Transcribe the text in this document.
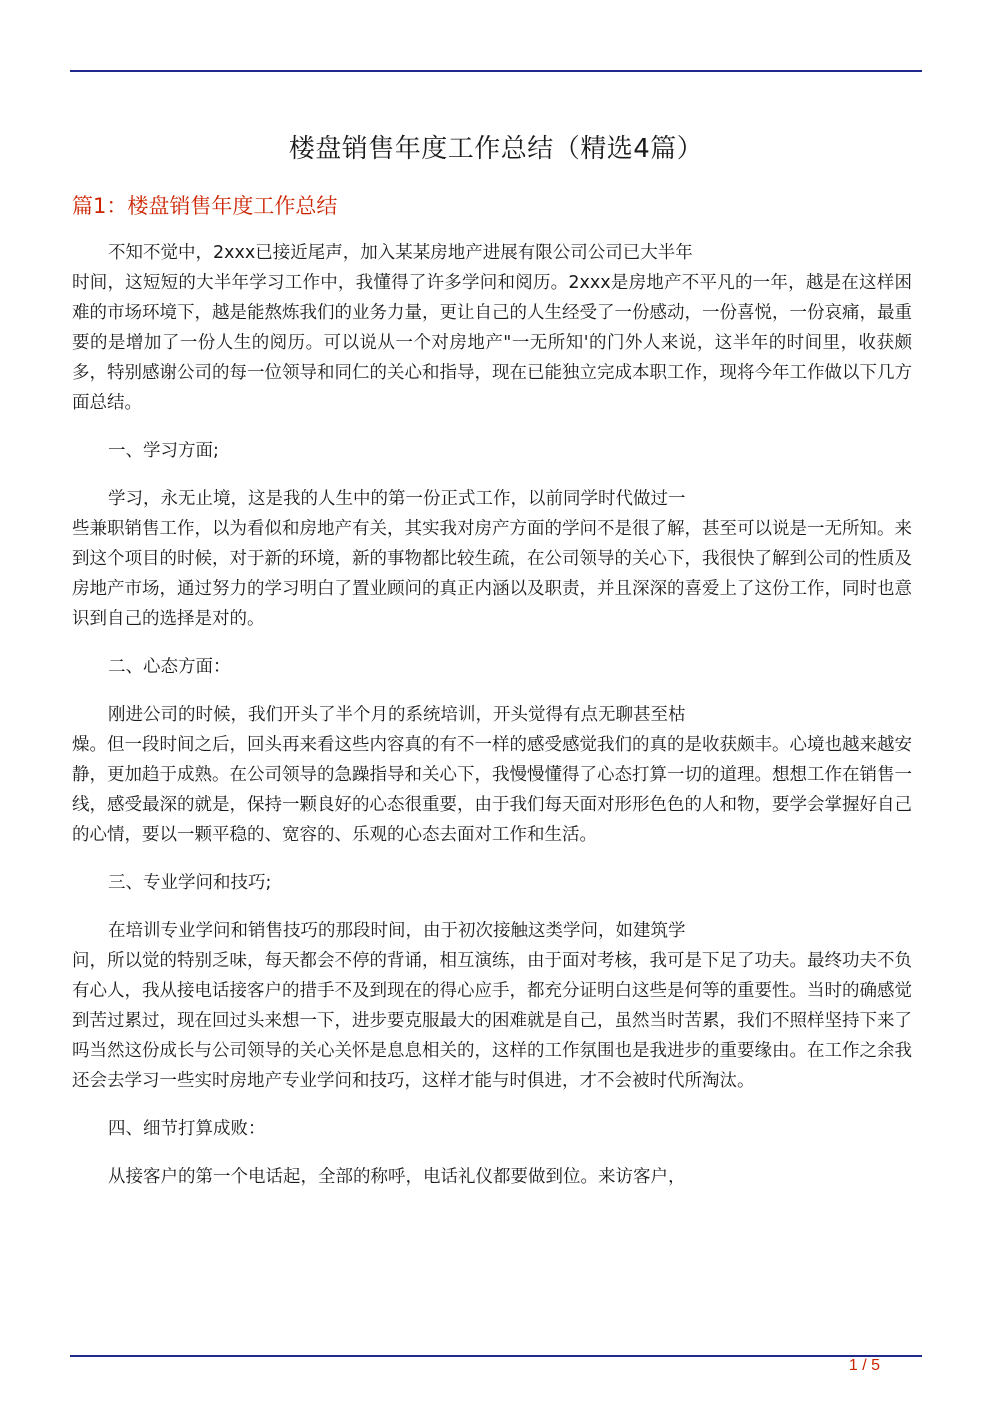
楼盘销售年度工作总结（精选4篇）
篇1：楼盘销售年度工作总结

不知不觉中，2xxx已接近尾声，加入某某房地产进展有限公司公司已大半年
时间，这短短的大半年学习工作中，我懂得了许多学问和阅历。2xxx是房地产不平凡的一年，越是在这样困难的市场环境下，越是能熬炼我们的业务力量，更让自己的人生经受了一份感动，一份喜悦，一份哀痛，最重要的是增加了一份人生的阅历。可以说从一个对房地产"一无所知'的门外人来说，这半年的时间里，收获颇多，特别感谢公司的每一位领导和同仁的关心和指导，现在已能独立完成本职工作，现将今年工作做以下几方面总结。

一、学习方面;

学习，永无止境，这是我的人生中的第一份正式工作，以前同学时代做过一
些兼职销售工作，以为看似和房地产有关，其实我对房产方面的学问不是很了解，甚至可以说是一无所知。来到这个项目的时候，对于新的环境，新的事物都比较生疏，在公司领导的关心下，我很快了解到公司的性质及房地产市场，通过努力的学习明白了置业顾问的真正内涵以及职责，并且深深的喜爱上了这份工作，同时也意识到自己的选择是对的。

二、心态方面：

刚进公司的时候，我们开头了半个月的系统培训，开头觉得有点无聊甚至枯
燥。但一段时间之后，回头再来看这些内容真的有不一样的感受感觉我们的真的是收获颇丰。心境也越来越安静，更加趋于成熟。在公司领导的急躁指导和关心下，我慢慢懂得了心态打算一切的道理。想想工作在销售一线，感受最深的就是，保持一颗良好的心态很重要，由于我们每天面对形形色色的人和物，要学会掌握好自己的心情，要以一颗平稳的、宽容的、乐观的心态去面对工作和生活。

三、专业学问和技巧;

在培训专业学问和销售技巧的那段时间，由于初次接触这类学问，如建筑学
问，所以觉的特别乏味，每天都会不停的背诵，相互演练，由于面对考核，我可是下足了功夫。最终功夫不负有心人，我从接电话接客户的措手不及到现在的得心应手，都充分证明白这些是何等的重要性。当时的确感觉到苦过累过，现在回过头来想一下，进步要克服最大的困难就是自己，虽然当时苦累，我们不照样坚持下来了吗当然这份成长与公司领导的关心关怀是息息相关的，这样的工作氛围也是我进步的重要缘由。在工作之余我还会去学习一些实时房地产专业学问和技巧，这样才能与时俱进，才不会被时代所淘汰。

四、细节打算成败：

从接客户的第一个电话起，全部的称呼，电话礼仪都要做到位。来访客户，

1 / 5
